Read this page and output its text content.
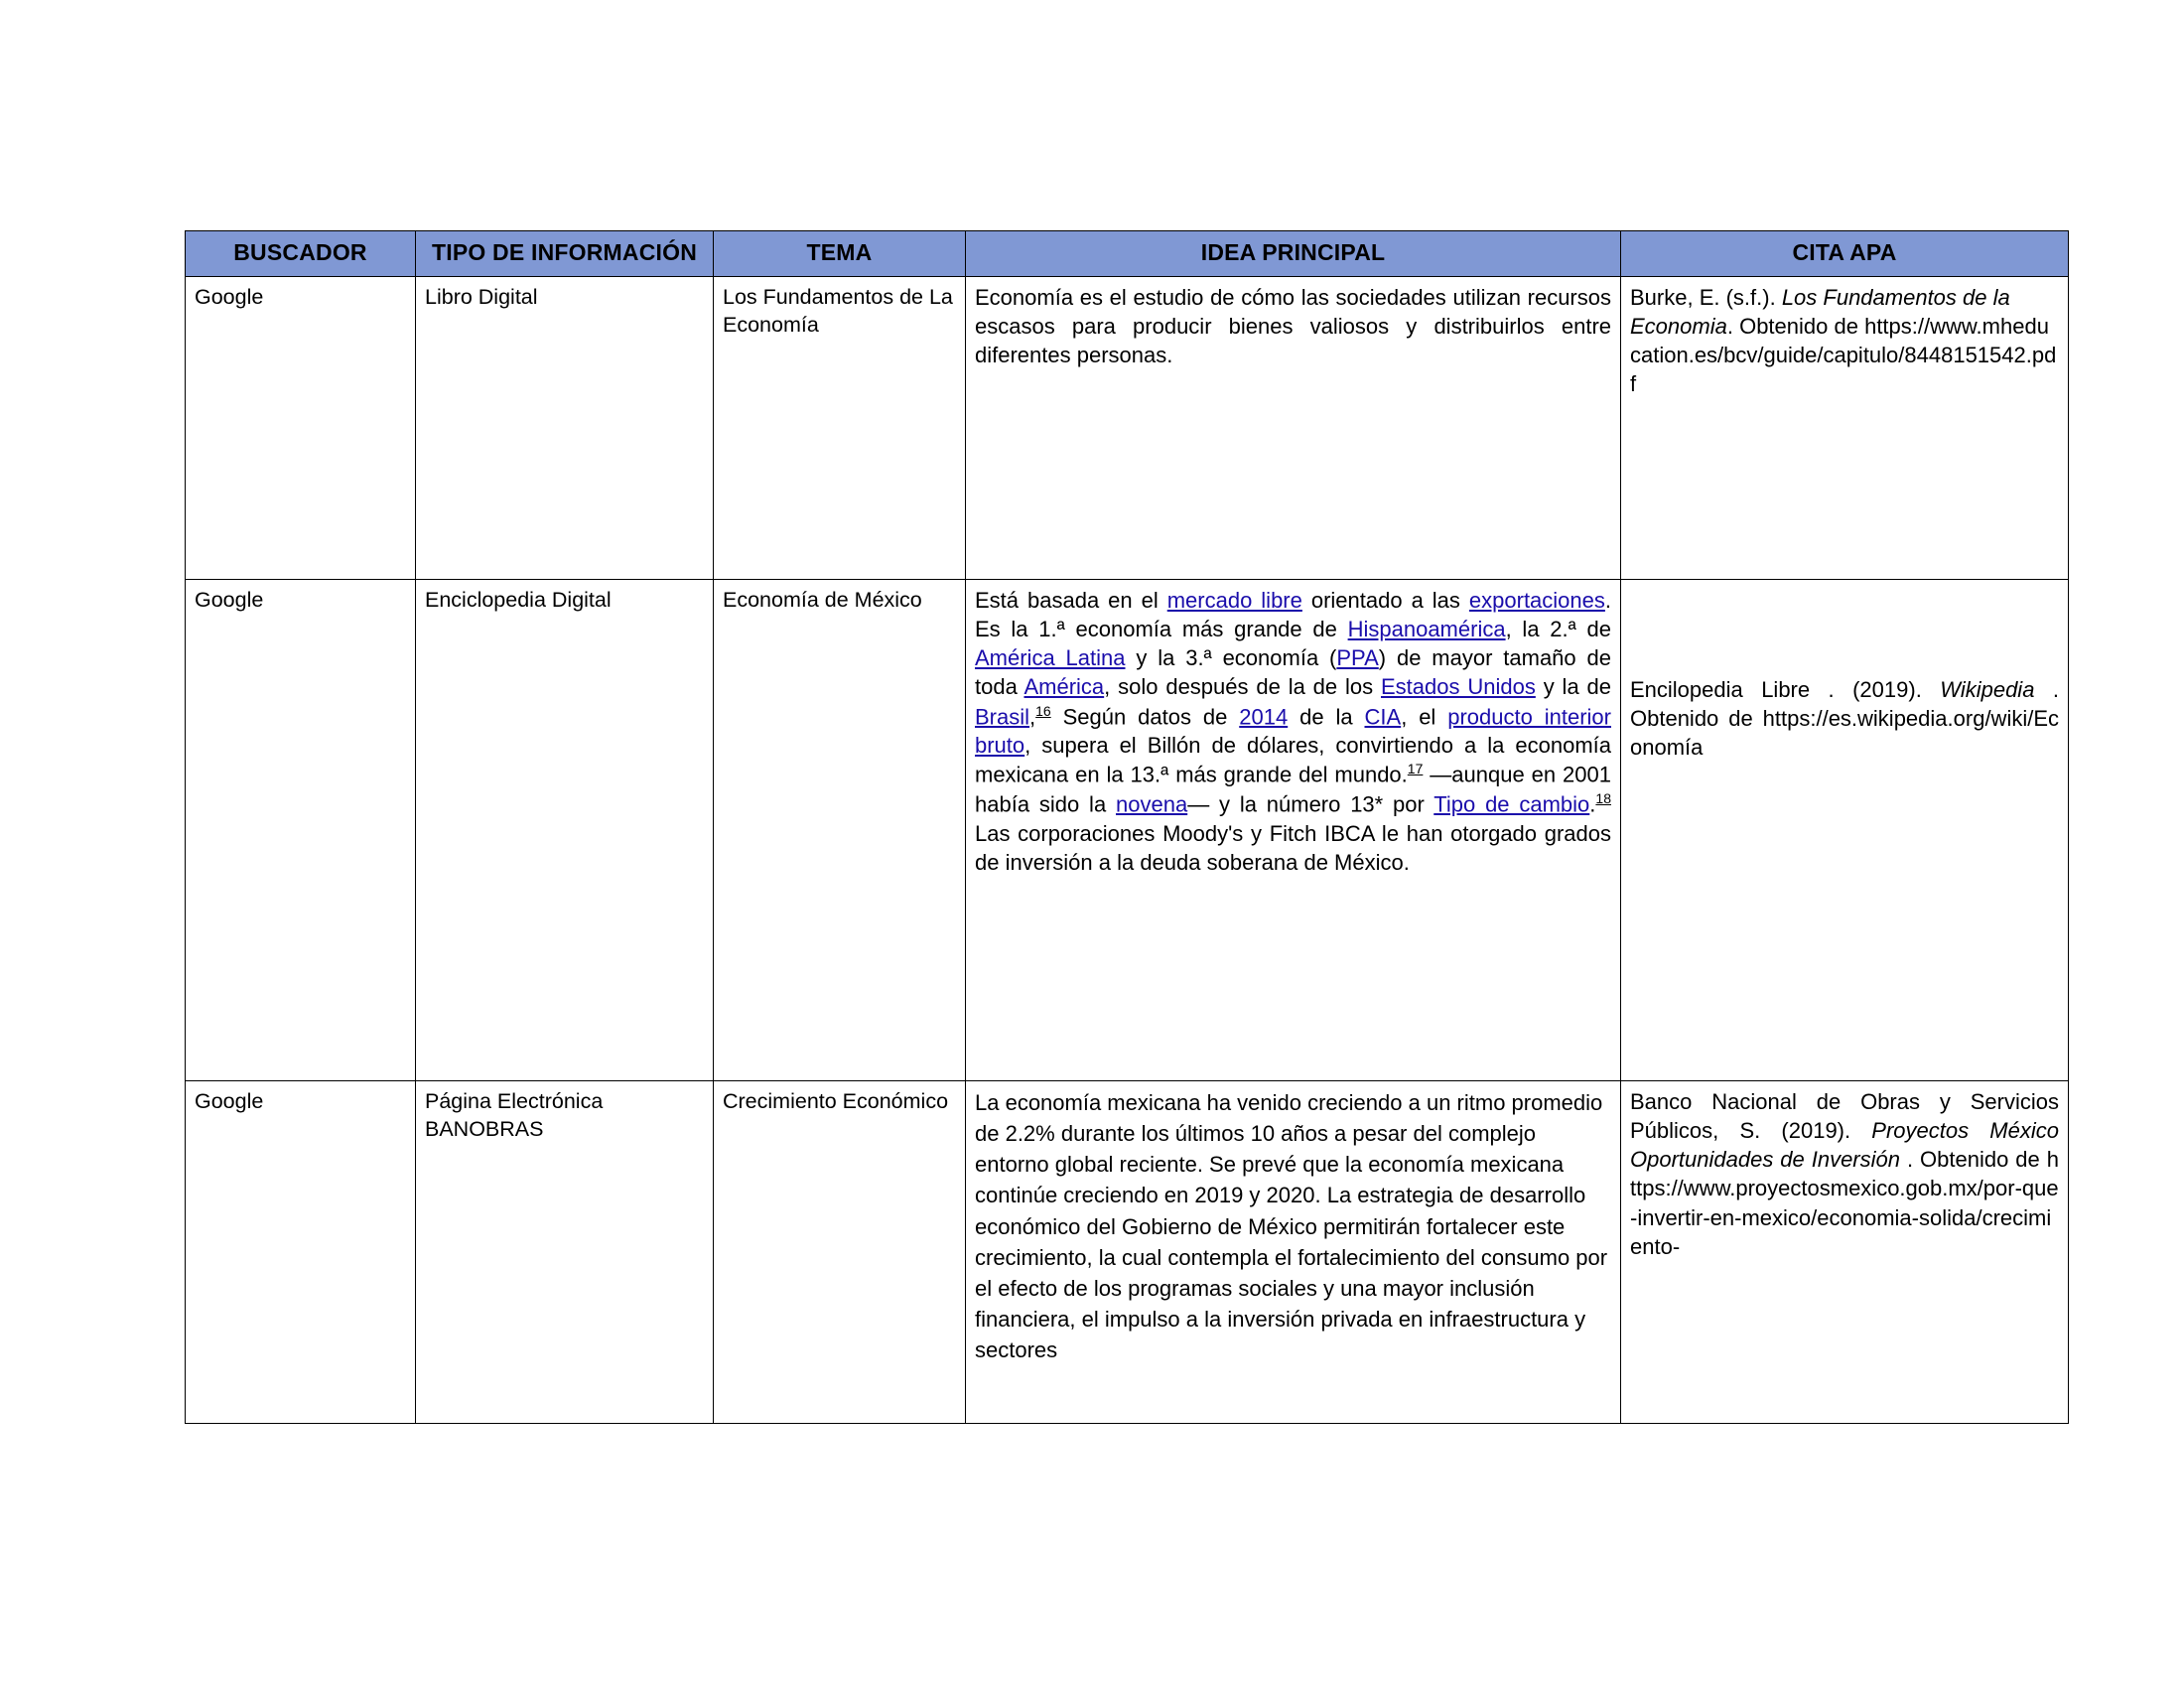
BUSCADOR	TIPO DE INFORMACIÓN	TEMA	IDEA PRINCIPAL	CITA APA
Google	Libro Digital	Los Fundamentos de La Economía	Economía es el estudio de cómo las sociedades utilizan recursos escasos para producir bienes valiosos y distribuirlos entre diferentes personas.	Burke, E. (s.f.). Los Fundamentos de la Economia. Obtenido de https://www.mheducation.es/bcv/guide/capitulo/8448151542.pdf
Google	Enciclopedia Digital	Economía de México	Está basada en el mercado libre orientado a las exportaciones. Es la 1.ª economía más grande de Hispanoamérica, la 2.ª de América Latina y la 3.ª economía (PPA) de mayor tamaño de toda América, solo después de la de los Estados Unidos y la de Brasil,$^{16}$ Según datos de 2014 de la CIA, el producto interior bruto, supera el Billón de dólares, convirtiendo a la economía mexicana en la 13.ª más grande del mundo.$^{17}$ —aunque en 2001 había sido la novena— y la número 13* por Tipo de cambio.$^{18}$ Las corporaciones Moody's y Fitch IBCA le han otorgado grados de inversión a la deuda soberana de México.	Encilopedia Libre . (2019). Wikipedia . Obtenido de https://es.wikipedia.org/wiki/Economía
Google	Página Electrónica BANOBRAS	Crecimiento Económico	La economía mexicana ha venido creciendo a un ritmo promedio de 2.2% durante los últimos 10 años a pesar del complejo entorno global reciente. Se prevé que la economía mexicana continúe creciendo en 2019 y 2020. La estrategia de desarrollo económico del Gobierno de México permitirán fortalecer este crecimiento, la cual contempla el fortalecimiento del consumo por el efecto de los programas sociales y una mayor inclusión financiera, el impulso a la inversión privada en infraestructura y sectores	Banco Nacional de Obras y Servicios Públicos, S. (2019). Proyectos México Oportunidades de Inversión . Obtenido de https://www.proyectosmexico.gob.mx/por-que-invertir-en-mexico/economia-solida/crecimiento-
